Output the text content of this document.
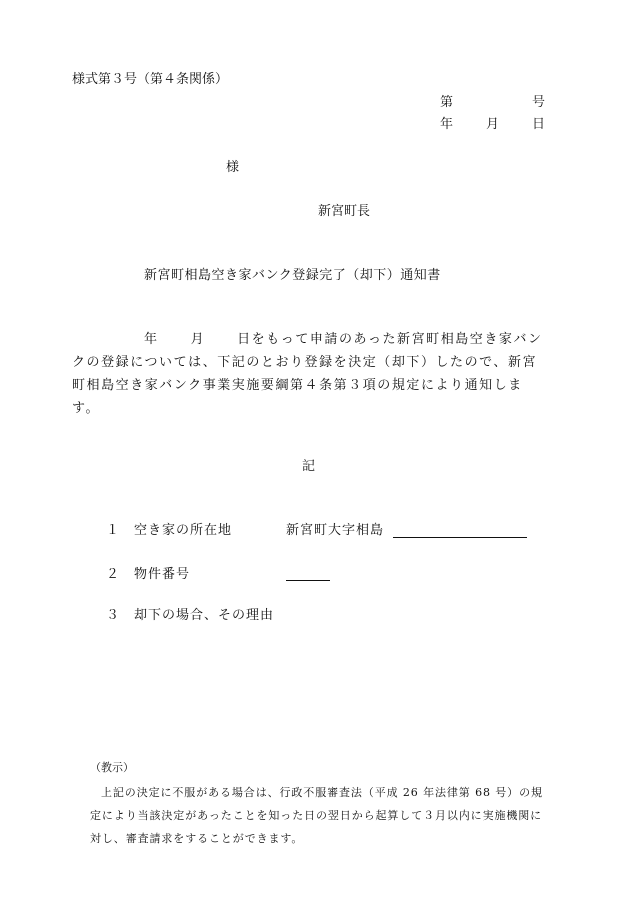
様式第３号（第４条関係）
第	号
年	月	日
様
新宮町長
新宮町相島空き家バンク登録完了（却下）通知書
年 月 日をもって申請のあった新宮町相島空き家バンクの登録については、下記のとおり登録を決定（却下）したので、新宮町相島空き家バンク事業実施要綱第４条第３項の規定により通知します。
記
１ 空き家の所在地	新宮町大字相島
２ 物件番号
３ 却下の場合、その理由
（教示）
上記の決定に不服がある場合は、行政不服審査法（平成 26 年法律第 68 号）の規定により当該決定があったことを知った日の翌日から起算して３月以内に実施機関に対し、審査請求をすることができます。
